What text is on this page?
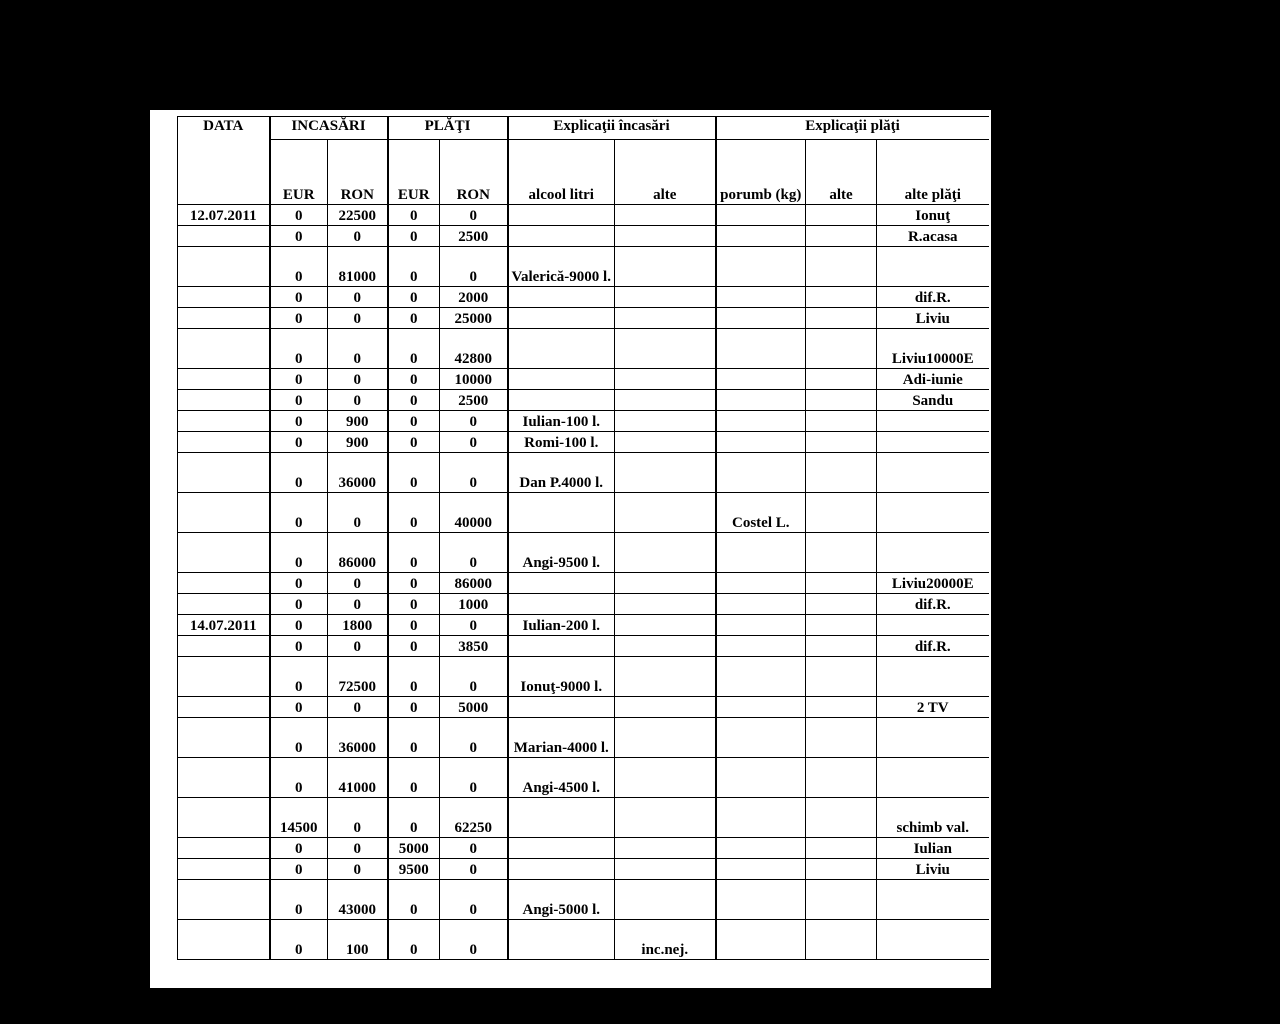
DATA	INCASĂRI		PLĂŢI		Explicaţii încasări		Explicaţii plăţi		
	EUR	RON	EUR	RON	alcool litri	alte	porumb (kg)	alte	alte plăţi
12.07.2011	0	22500	0	0					Ionuţ
	0	0	0	2500					R.acasa
	0	81000	0	0	Valerică-9000 l.				
	0	0	0	2000					dif.R.
	0	0	0	25000					Liviu
	0	0	0	42800					Liviu10000E
	0	0	0	10000					Adi-iunie
	0	0	0	2500					Sandu
	0	900	0	0	Iulian-100 l.				
	0	900	0	0	Romi-100 l.				
	0	36000	0	0	Dan P.4000 l.				
	0	0	0	40000			Costel L.		
	0	86000	0	0	Angi-9500 l.				
	0	0	0	86000					Liviu20000E
	0	0	0	1000					dif.R.
14.07.2011	0	1800	0	0	Iulian-200 l.				
	0	0	0	3850					dif.R.
	0	72500	0	0	Ionuţ-9000 l.				
	0	0	0	5000					2 TV
	0	36000	0	0	Marian-4000 l.				
	0	41000	0	0	Angi-4500 l.				
	14500	0	0	62250					schimb val.
	0	0	5000	0					Iulian
	0	0	9500	0					Liviu
	0	43000	0	0	Angi-5000 l.				
	0	100	0	0		inc.nej.			
